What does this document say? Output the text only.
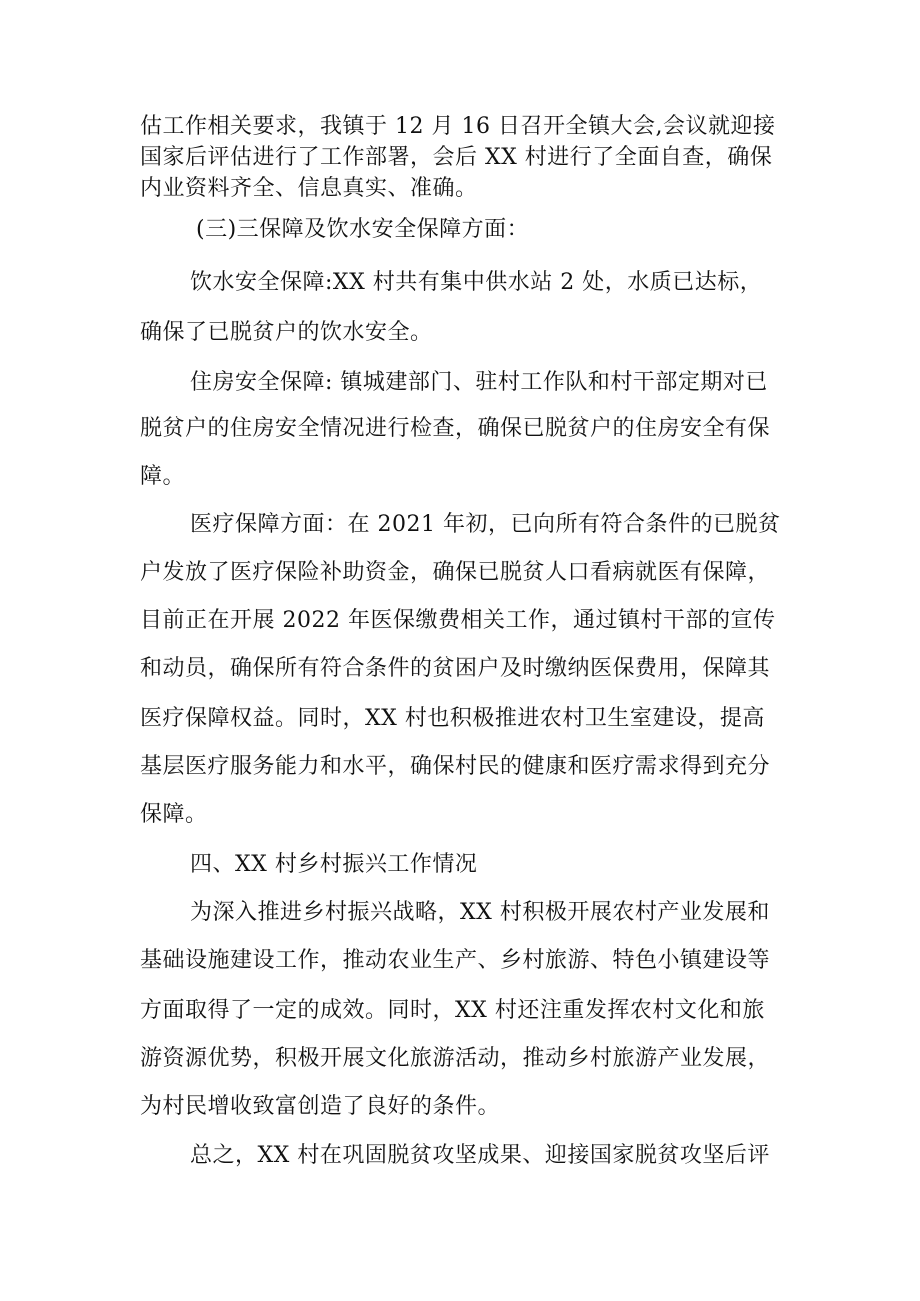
估工作相关要求，我镇于 12 月 16 日召开全镇大会,会议就迎接
国家后评估进行了工作部署，会后 XX 村进行了全面自查，确保
内业资料齐全、信息真实、准确。
(三)三保障及饮水安全保障方面：
饮水安全保障:XX 村共有集中供水站 2 处，水质已达标，
确保了已脱贫户的饮水安全。
住房安全保障: 镇城建部门、驻村工作队和村干部定期对已
脱贫户的住房安全情况进行检查，确保已脱贫户的住房安全有保
障。
医疗保障方面：在 2021 年初，已向所有符合条件的已脱贫
户发放了医疗保险补助资金，确保已脱贫人口看病就医有保障，
目前正在开展 2022 年医保缴费相关工作，通过镇村干部的宣传
和动员，确保所有符合条件的贫困户及时缴纳医保费用，保障其
医疗保障权益。同时，XX 村也积极推进农村卫生室建设，提高
基层医疗服务能力和水平，确保村民的健康和医疗需求得到充分
保障。
四、XX 村乡村振兴工作情况
为深入推进乡村振兴战略，XX 村积极开展农村产业发展和
基础设施建设工作，推动农业生产、乡村旅游、特色小镇建设等
方面取得了一定的成效。同时，XX 村还注重发挥农村文化和旅
游资源优势，积极开展文化旅游活动，推动乡村旅游产业发展，
为村民增收致富创造了良好的条件。
总之，XX 村在巩固脱贫攻坚成果、迎接国家脱贫攻坚后评
